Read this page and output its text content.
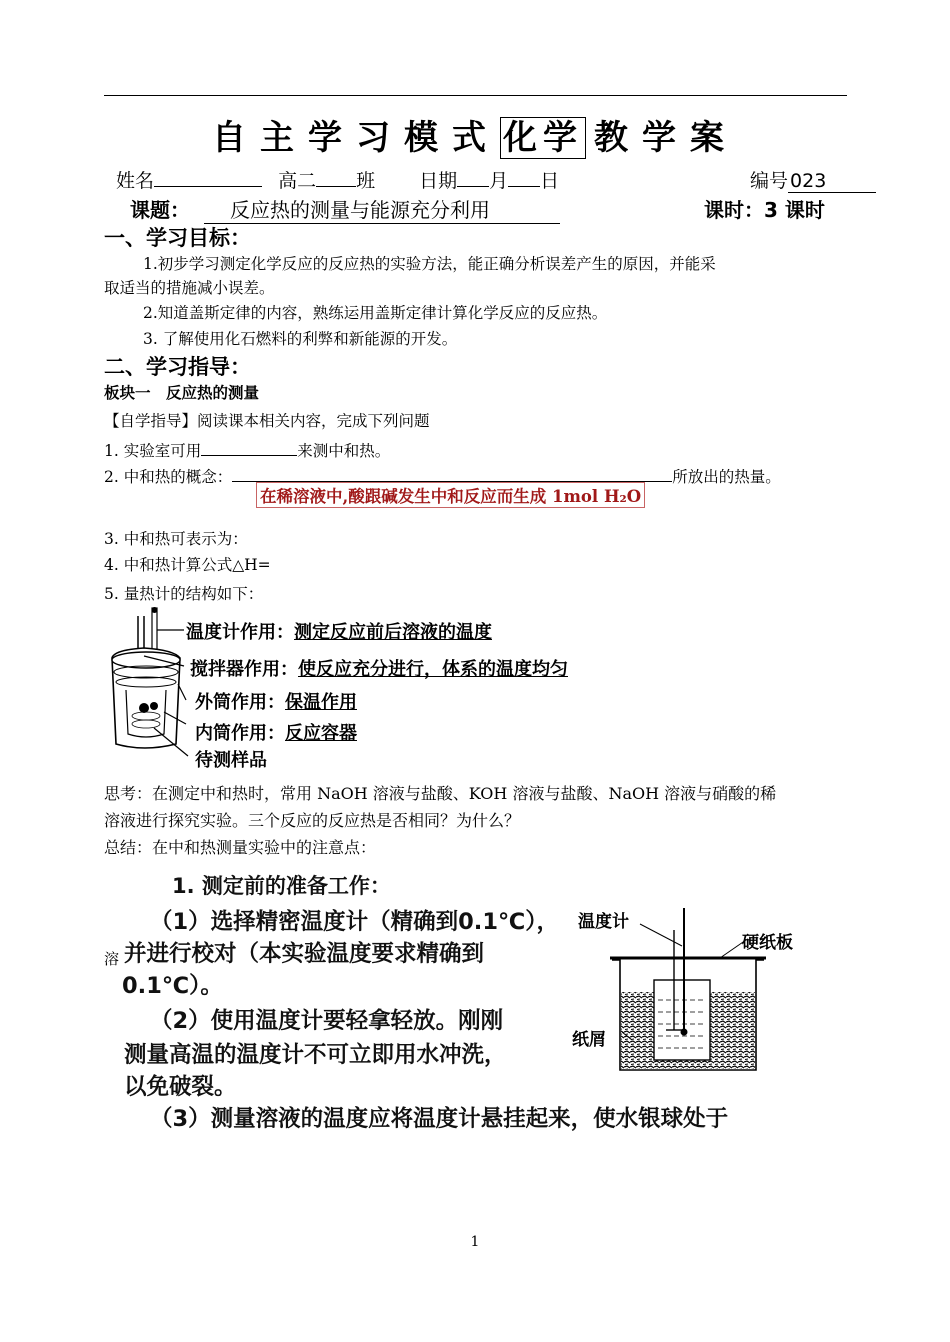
自主学习模式化学 教学案
姓名	高二 班 日期 月 日	编号 023
课题：	反应热的测量与能源充分利用	课时：3 课时
一、学习目标：
1.初步学习测定化学反应的反应热的实验方法，能正确分析误差产生的原因，并能采
取适当的措施减小误差。
2.知道盖斯定律的内容，熟练运用盖斯定律计算化学反应的反应热。
3. 了解使用化石燃料的利弊和新能源的开发。
二、学习指导：
板块一　反应热的测量
【自学指导】阅读课本相关内容，完成下列问题
1. 实验室可用	来测中和热。
2. 中和热的概念：	所放出的热量。
在稀溶液中,酸跟碱发生中和反应而生成 1mol H₂O
3. 中和热可表示为：
4. 中和热计算公式△H=
5. 量热计的结构如下：
温度计作用：测定反应前后溶液的温度
搅拌器作用：使反应充分进行，体系的温度均匀
外筒作用：保温作用
内筒作用：反应容器
待测样品
思考：在测定中和热时，常用 NaOH 溶液与盐酸、KOH 溶液与盐酸、NaOH 溶液与硝酸的稀
溶液进行探究实验。三个反应的反应热是否相同？为什么？
总结：在中和热测量实验中的注意点：
1. 测定前的准备工作：
（1）选择精密温度计（精确到0.1℃），
溶 并进行校对（本实验温度要求精确到
0.1℃）。
（2）使用温度计要轻拿轻放。刚刚
测量高温的温度计不可立即用水冲洗，
以免破裂。
（3）测量溶液的温度应将温度计悬挂起来，使水银球处于
温度计
硬纸板
纸屑
1
